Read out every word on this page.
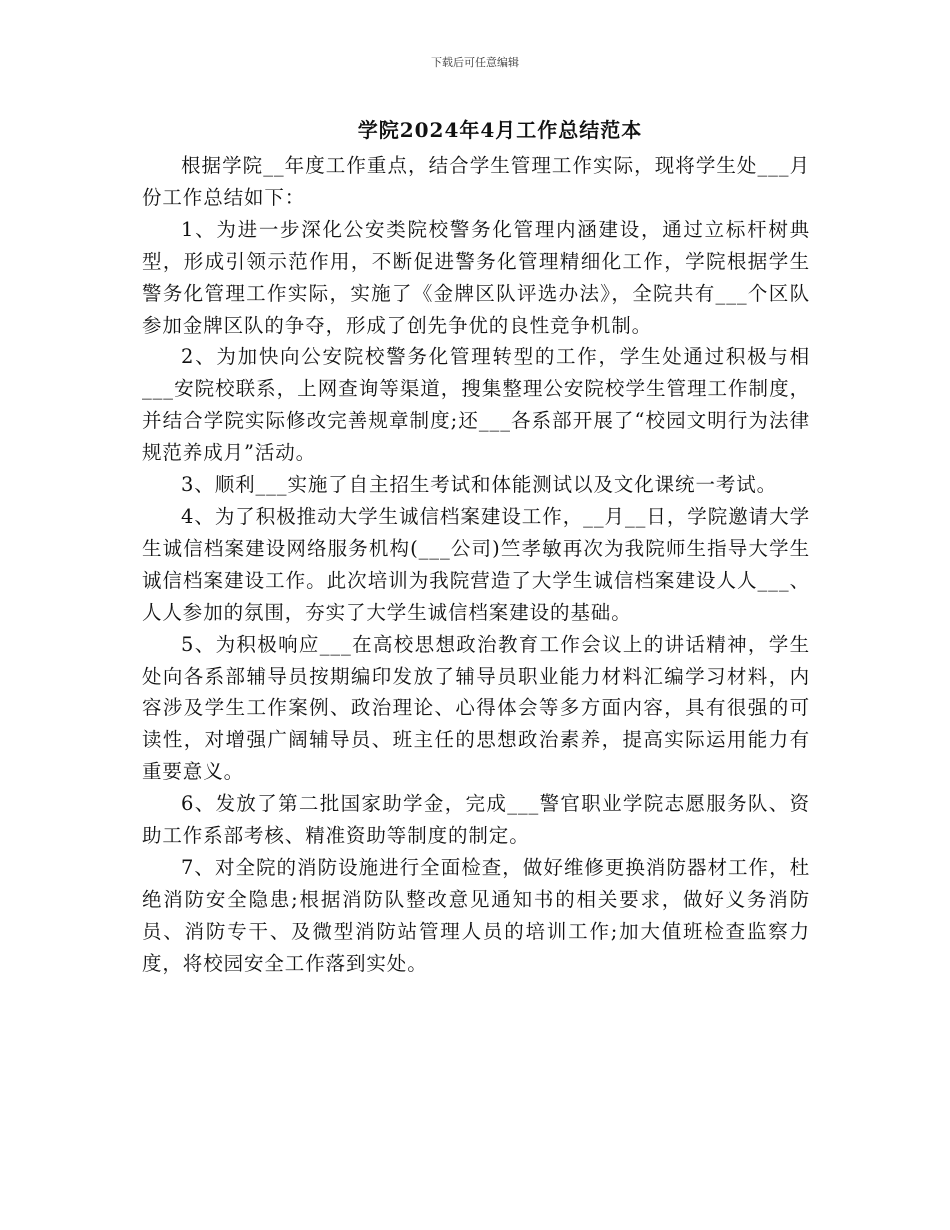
下载后可任意编辑
学院2024年4月工作总结范本

根据学院__年度工作重点，结合学生管理工作实际，现将学生处___月份工作总结如下：

1、为进一步深化公安类院校警务化管理内涵建设，通过立标杆树典型，形成引领示范作用，不断促进警务化管理精细化工作，学院根据学生警务化管理工作实际，实施了《金牌区队评选办法》，全院共有___个区队参加金牌区队的争夺，形成了创先争优的良性竞争机制。

2、为加快向公安院校警务化管理转型的工作，学生处通过积极与相___安院校联系，上网查询等渠道，搜集整理公安院校学生管理工作制度，并结合学院实际修改完善规章制度;还___各系部开展了“校园文明行为法律规范养成月”活动。

3、顺利___实施了自主招生考试和体能测试以及文化课统一考试。

4、为了积极推动大学生诚信档案建设工作，__月__日，学院邀请大学生诚信档案建设网络服务机构(___公司)竺孝敏再次为我院师生指导大学生诚信档案建设工作。此次培训为我院营造了大学生诚信档案建设人人___、人人参加的氛围，夯实了大学生诚信档案建设的基础。

5、为积极响应___在高校思想政治教育工作会议上的讲话精神，学生处向各系部辅导员按期编印发放了辅导员职业能力材料汇编学习材料，内容涉及学生工作案例、政治理论、心得体会等多方面内容，具有很强的可读性，对增强广阔辅导员、班主任的思想政治素养，提高实际运用能力有重要意义。

6、发放了第二批国家助学金，完成___警官职业学院志愿服务队、资助工作系部考核、精准资助等制度的制定。

7、对全院的消防设施进行全面检查，做好维修更换消防器材工作，杜绝消防安全隐患;根据消防队整改意见通知书的相关要求，做好义务消防员、消防专干、及微型消防站管理人员的培训工作;加大值班检查监察力度，将校园安全工作落到实处。
